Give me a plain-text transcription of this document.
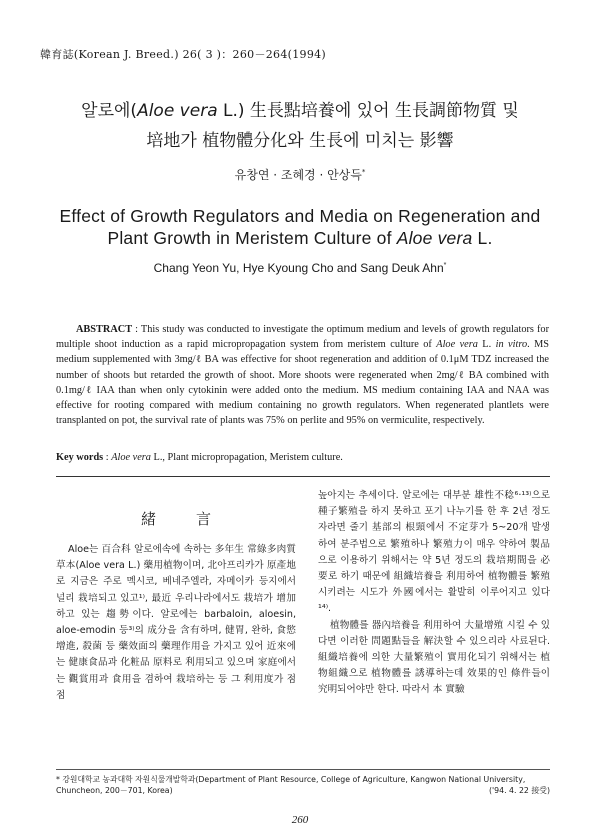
韓育誌(Korean J. Breed.) 26( 3 )：260－264(1994)
알로에(Aloe vera L.) 生長點培養에 있어 生長調節物質 및
培地가 植物體分化와 生長에 미치는 影響
유창연 · 조혜경 · 안상득*
Effect of Growth Regulators and Media on Regeneration and
Plant Growth in Meristem Culture of Aloe vera L.
Chang Yeon Yu, Hye Kyoung Cho and Sang Deuk Ahn*
ABSTRACT : This study was conducted to investigate the optimum medium and levels of growth regulators for multiple shoot induction as a rapid micropropagation system from meristem culture of Aloe vera L. in vitro. MS medium supplemented with 3mg/ℓ BA was effective for shoot regeneration and addition of 0.1μM TDZ increased the number of shoots but retarded the growth of shoot. More shoots were regenerated when 2mg/ℓ BA combined with 0.1mg/ℓ IAA than when only cytokinin were added onto the medium. MS medium containing IAA and NAA was effective for rooting compared with medium containing no growth regulators. When regenerated plantlets were transplanted on pot, the survival rate of plants was 75% on perlite and 95% on vermiculite, respectively.
Key words : Aloe vera L., Plant micropropagation, Meristem culture.
緒言
Aloe는 百合科 알로에속에 속하는 多年生 常綠多肉質 草本(Aloe vera L.) 藥用植物이며, 北아프리카가 原產地로 지금은 주로 멕시코, 베네주엘라, 자메이카 등지에서 널리 栽培되고 있고¹⁾, 最近 우리나라에서도 栽培가 增加하고 있는 趨勢이다. 알로에는 barbaloin, aloesin, aloe-emodin 등³⁾의 成分을 含有하며, 健胃, 완하, 食慾增進, 殺菌 등 藥效面의 藥理作用을 가지고 있어 近來에는 健康食品과 化粧品 原料로 利用되고 있으며 家庭에서는 觀賞用과 食用을 겸하여 栽培하는 등 그 利用度가 점점

높아지는 추세이다. 알로에는 대부분 雄性不稔⁶·¹³⁾으로 種子繁殖을 하지 못하고 포기 나누기를 한 후 2년 정도 자라면 줄기 基部의 根頸에서 不定芽가 5~20개 발생하여 분주법으로 繁殖하나 繁殖力이 매우 약하여 製品으로 이용하기 위해서는 약 5년 정도의 栽培期間을 必要로 하기 때문에 組織培養을 利用하여 植物體를 繁殖시키려는 시도가 外國에서는 활발히 이루어지고 있다¹⁴⁾.

植物體를 器內培養을 利用하여 大量增殖 시킬 수 있다면 이러한 問題點들을 解決할 수 있으리라 사료된다. 組織培養에 의한 大量繁殖이 實用化되기 위해서는 植物組織으로 植物體를 誘導하는데 效果的인 條件들이 究明되어야만 한다. 따라서 本 實驗

* 강원대학교 농과대학 자원식물개발학과(Department of Plant Resource, College of Agriculture, Kangwon National University, Chuncheon, 200－701, Korea)	('94. 4. 22 接受)
260
